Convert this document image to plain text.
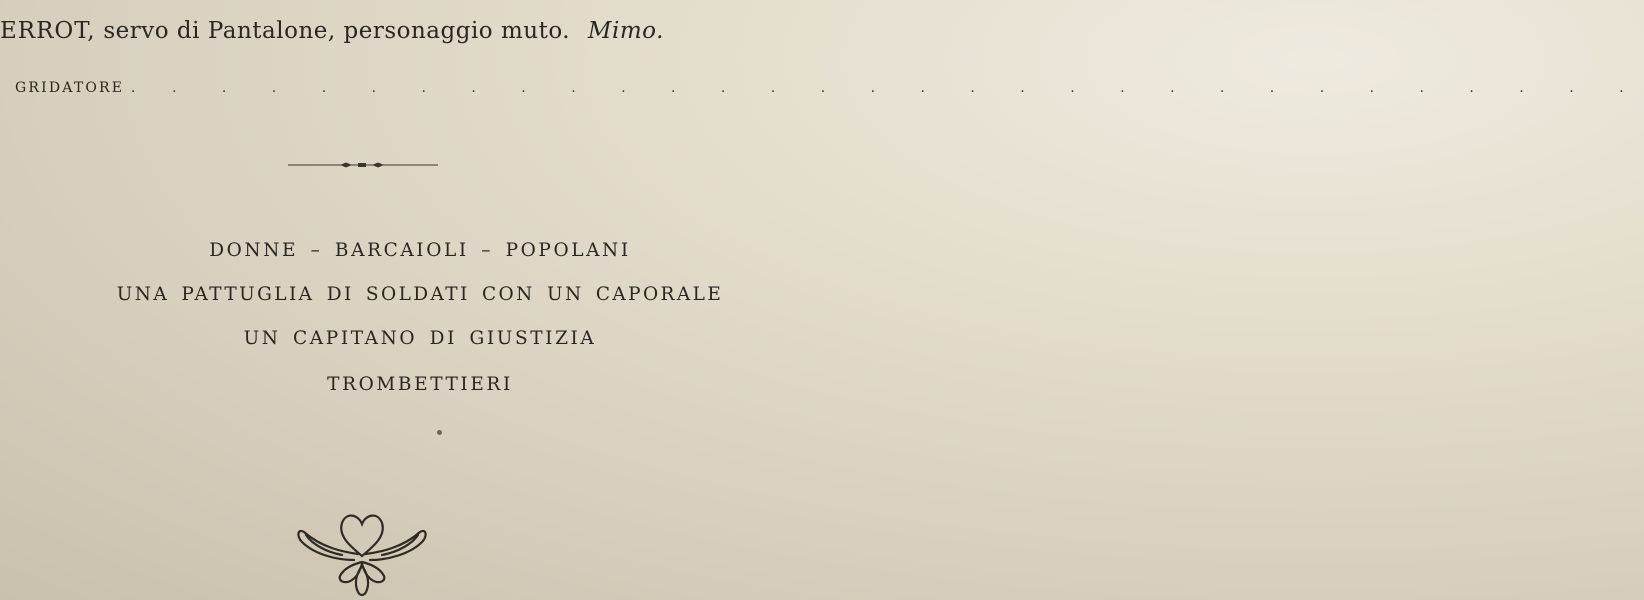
ERROT, servo di Pantalone, personaggio muto. Mimo.
GRIDATORE . . . . . . . . . . . . . . . . . . . . . . . . . . . . . . .
DONNE – BARCAIOLI – POPOLANI
UNA PATTUGLIA DI SOLDATI CON UN CAPORALE
UN CAPITANO DI GIUSTIZIA
TROMBETTIERI
